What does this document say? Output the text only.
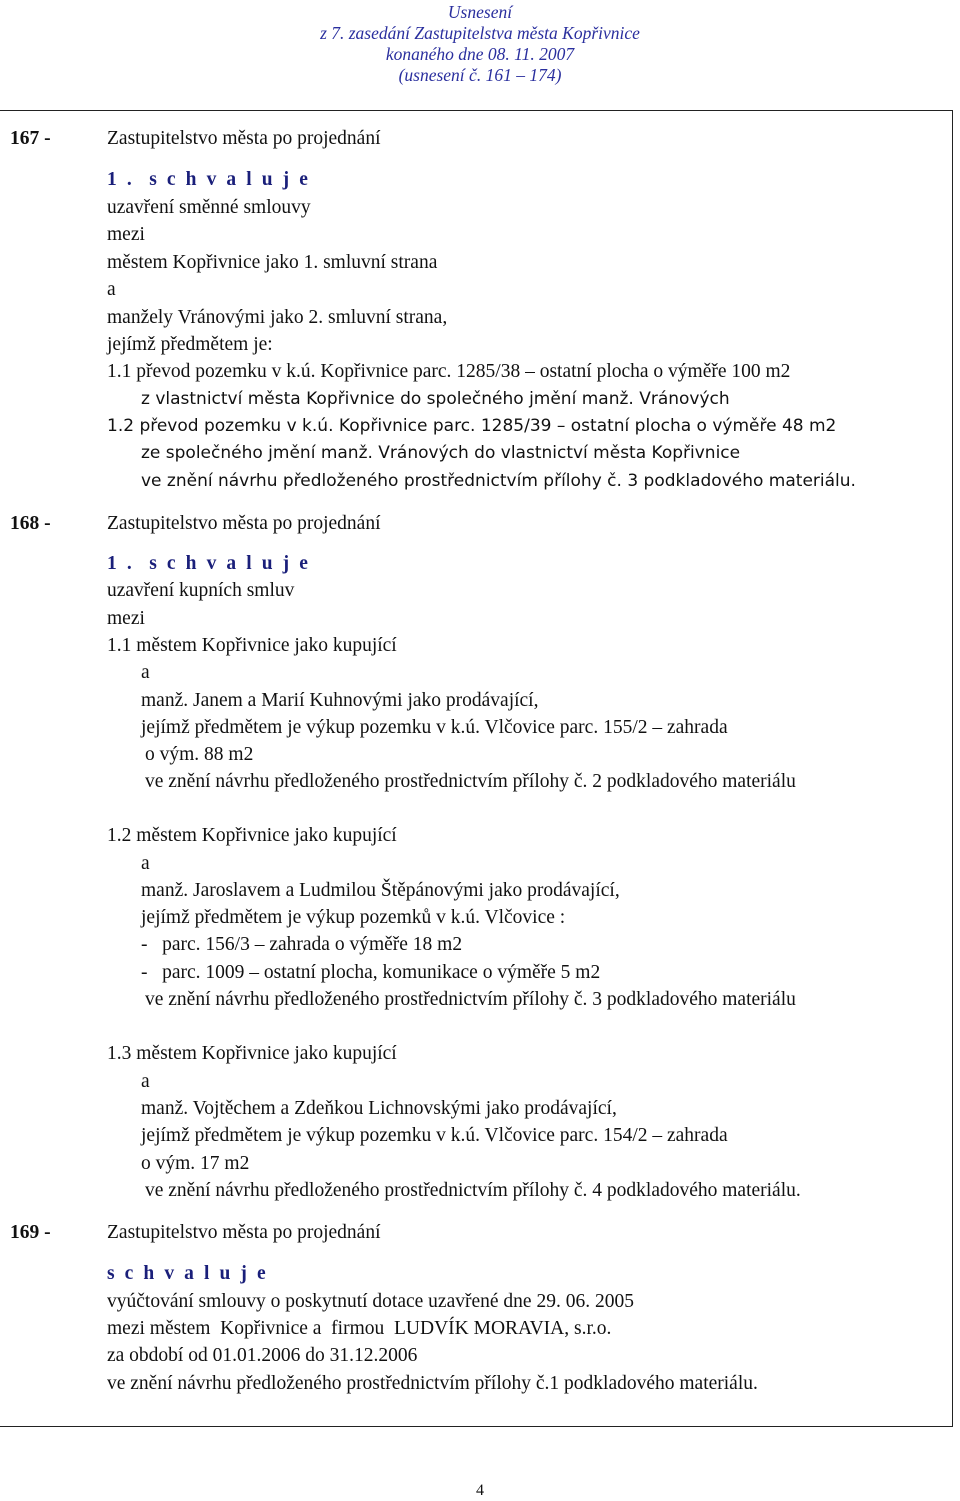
Usnesení
z 7. zasedání Zastupitelstva města Kopřivnice
konaného dne 08. 11. 2007
(usnesení č. 161 – 174)
167 -	Zastupitelstvo města po projednání
1 .  s c h v a l u j e
uzavření směnné smlouvy
mezi
městem Kopřivnice jako 1. smluvní strana
a
manžely Vránovými jako 2. smluvní strana,
jejímž předmětem je:
1.1 převod pozemku v k.ú. Kopřivnice parc. 1285/38 – ostatní plocha o výměře 100 m2
z vlastnictví města Kopřivnice do společného jmění manž. Vránových
1.2 převod pozemku v k.ú. Kopřivnice parc. 1285/39 – ostatní plocha o výměře 48 m2
ze společného jmění manž. Vránových do vlastnictví města Kopřivnice
ve znění návrhu předloženého prostřednictvím přílohy č. 3 podkladového materiálu.
168 -	Zastupitelstvo města po projednání
1 .  s c h v a l u j e
uzavření kupních smluv
mezi
1.1 městem Kopřivnice jako kupující
a
manž. Janem a Marií Kuhnovými jako prodávající,
jejímž předmětem je výkup pozemku v k.ú. Vlčovice parc. 155/2 – zahrada
o vým. 88 m2
ve znění návrhu předloženého prostřednictvím přílohy č. 2 podkladového materiálu
1.2 městem Kopřivnice jako kupující
a
manž. Jaroslavem a Ludmilou Štěpánovými jako prodávající,
jejímž předmětem je výkup pozemků v k.ú. Vlčovice :
-   parc. 156/3 – zahrada o výměře 18 m2
-   parc. 1009 – ostatní plocha, komunikace o výměře 5 m2
ve znění návrhu předloženého prostřednictvím přílohy č. 3 podkladového materiálu
1.3 městem Kopřivnice jako kupující
a
manž. Vojtěchem a Zdeňkou Lichnovskými jako prodávající,
jejímž předmětem je výkup pozemku v k.ú. Vlčovice parc. 154/2 – zahrada
o vým. 17 m2
ve znění návrhu předloženého prostřednictvím přílohy č. 4 podkladového materiálu.
169 -	Zastupitelstvo města po projednání
s c h v a l u j e
vyúčtování smlouvy o poskytnutí dotace uzavřené dne 29. 06. 2005
mezi městem  Kopřivnice a  firmou  LUDVÍK MORAVIA, s.r.o.
za období od 01.01.2006 do 31.12.2006
ve znění návrhu předloženého prostřednictvím přílohy č.1 podkladového materiálu.
4
